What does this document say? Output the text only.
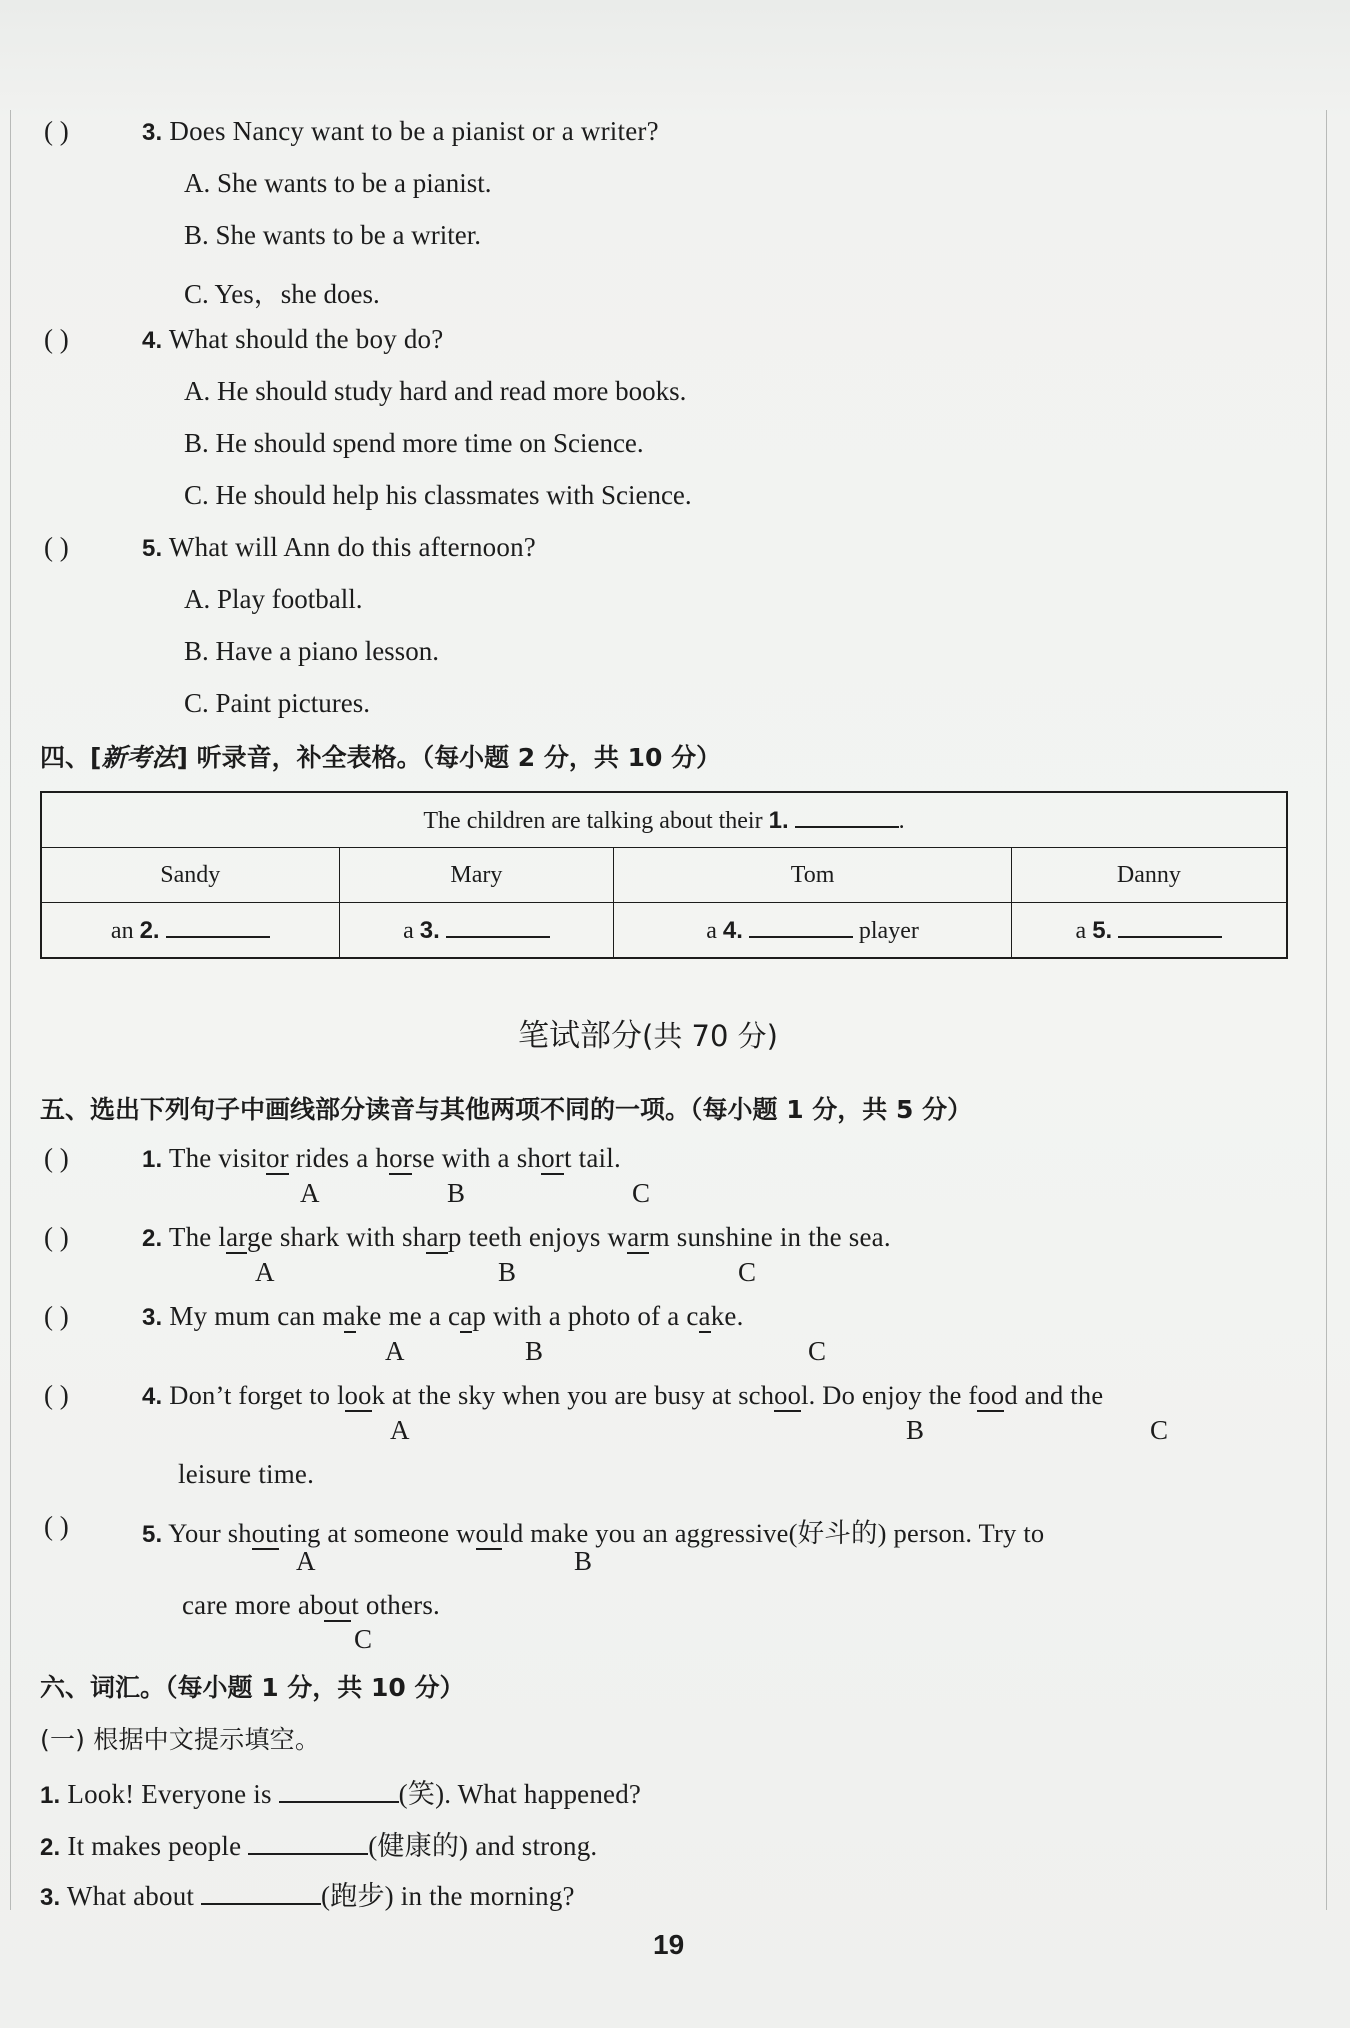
( )	3. Does Nancy want to be a pianist or a writer?
A. She wants to be a pianist.
B. She wants to be a writer.
C. Yes，she does.
( )	4. What should the boy do?
A. He should study hard and read more books.
B. He should spend more time on Science.
C. He should help his classmates with Science.
( )	5. What will Ann do this afternoon?
A. Play football.
B. Have a piano lesson.
C. Paint pictures.
四、[新考法] 听录音，补全表格。（每小题 2 分，共 10 分）
The children are talking about their 1. .			
Sandy	Mary	Tom	Danny
an 2.	a 3.	a 4. player	a 5.
笔试部分(共 70 分)
五、选出下列句子中画线部分读音与其他两项不同的一项。（每小题 1 分，共 5 分）
( )	1. The visitor rides a horse with a short tail.
A	B	C
( )	2. The large shark with sharp teeth enjoys warm sunshine in the sea.
A	B	C
( )	3. My mum can make me a cap with a photo of a cake.
A	B	C
( )	4. Don’t forget to look at the sky when you are busy at school. Do enjoy the food and the
A	B	C
leisure time.
( )	5. Your shouting at someone would make you an aggressive(好斗的) person. Try to
A	B
care more about others.
C
六、词汇。（每小题 1 分，共 10 分）
(一) 根据中文提示填空。
1. Look! Everyone is	(笑). What happened?
2. It makes people	(健康的) and strong.
3. What about	(跑步) in the morning?
19
